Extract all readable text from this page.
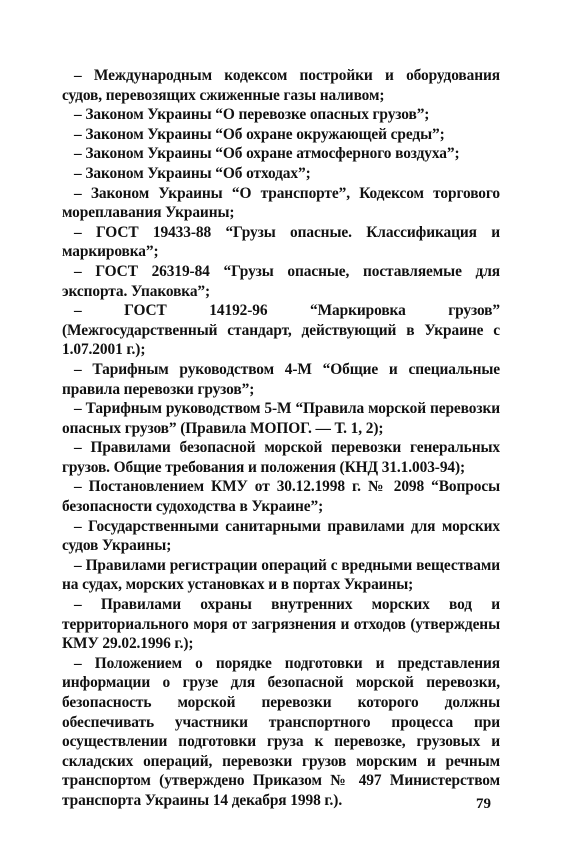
– Международным кодексом постройки и оборудования судов, перевозящих сжиженные газы наливом;

– Законом Украины “О перевозке опасных грузов”;

– Законом Украины “Об охране окружающей среды”;

– Законом Украины “Об охране атмосферного воздуха”;

– Законом Украины “Об отходах”;

– Законом Украины “О транспорте”, Кодексом торгового мореплавания Украины;

– ГОСТ 19433-88 “Грузы опасные. Классификация и маркировка”;

– ГОСТ 26319-84 “Грузы опасные, поставляемые для экспорта. Упаковка”;

– ГОСТ 14192-96 “Маркировка грузов” (Межгосударственный стандарт, действующий в Украине с 1.07.2001 г.);

– Тарифным руководством 4-М “Общие и специальные правила перевозки грузов”;

– Тарифным руководством 5-М “Правила морской перевозки опасных грузов” (Правила МОПОГ. — Т. 1, 2);

– Правилами безопасной морской перевозки генеральных грузов. Общие требования и положения (КНД 31.1.003-94);

– Постановлением КМУ от 30.12.1998 г. № 2098 “Вопросы безопасности судоходства в Украине”;

– Государственными санитарными правилами для морских судов Украины;

– Правилами регистрации операций с вредными веществами на судах, морских установках и в портах Украины;

– Правилами охраны внутренних морских вод и территориального моря от загрязнения и отходов (утверждены КМУ 29.02.1996 г.);

– Положением о порядке подготовки и представления информации о грузе для безопасной морской перевозки, безопасность морской перевозки которого должны обеспечивать участники транспортного процесса при осуществлении подготовки груза к перевозке, грузовых и складских операций, перевозки грузов морским и речным транспортом (утверждено Приказом № 497 Министерством транспорта Украины 14 декабря 1998 г.).	79
